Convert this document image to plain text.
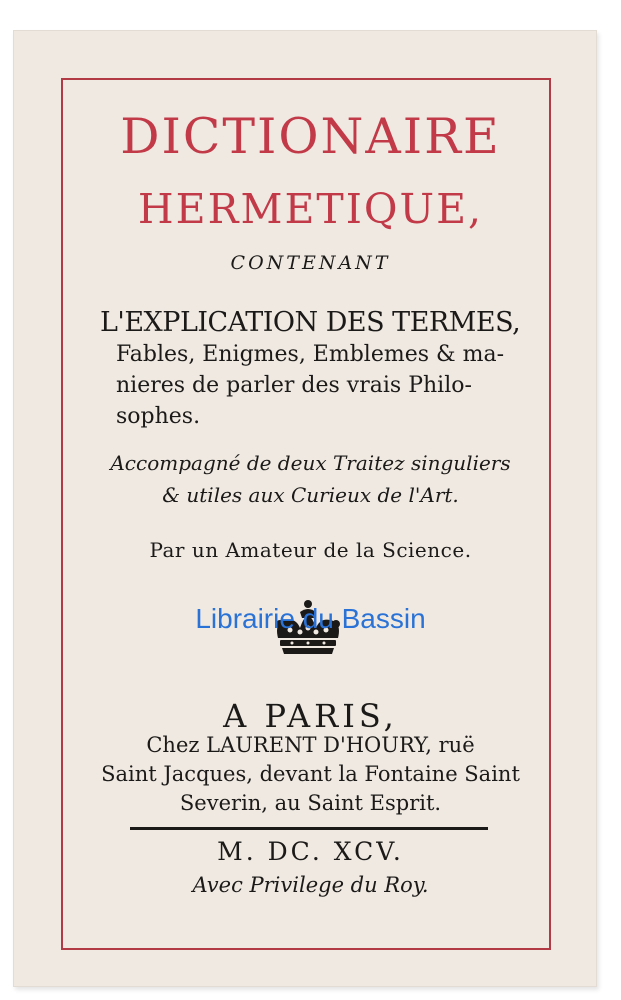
DICTIONAIRE
HERMETIQUE,
CONTENANT
L'EXPLICATION DES TERMES,
Fables, Enigmes, Emblemes & ma-
nieres de parler des vrais Philo-
sophes.
Accompagné de deux Traitez singuliers
& utiles aux Curieux de l'Art.
Par un Amateur de la Science.
Librairie du Bassin
A PARIS,
Chez LAURENT D'HOURY, ruë
Saint Jacques, devant la Fontaine Saint
Severin, au Saint Esprit.
M. DC. XCV.
Avec Privilege du Roy.
